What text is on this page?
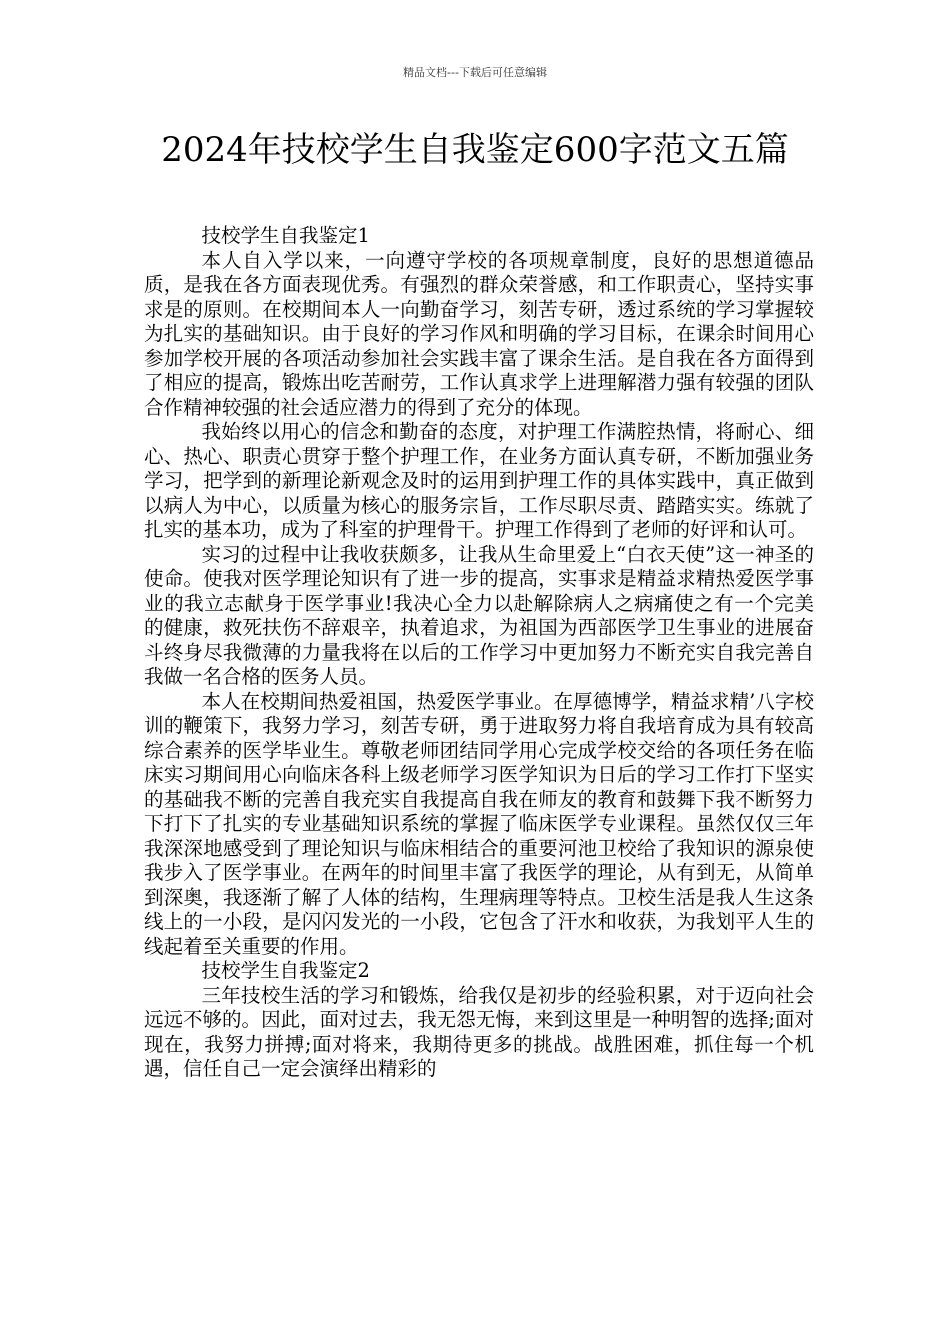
精品文档---下载后可任意编辑
2024年技校学生自我鉴定600字范文五篇
技校学生自我鉴定1

本人自入学以来，一向遵守学校的各项规章制度，良好的思想道德品质，是我在各方面表现优秀。有强烈的群众荣誉感，和工作职责心，坚持实事求是的原则。在校期间本人一向勤奋学习，刻苦专研，透过系统的学习掌握较为扎实的基础知识。由于良好的学习作风和明确的学习目标，在课余时间用心参加学校开展的各项活动参加社会实践丰富了课余生活。是自我在各方面得到了相应的提高，锻炼出吃苦耐劳，工作认真求学上进理解潜力强有较强的团队合作精神较强的社会适应潜力的得到了充分的体现。

我始终以用心的信念和勤奋的态度，对护理工作满腔热情，将耐心、细心、热心、职责心贯穿于整个护理工作，在业务方面认真专研，不断加强业务学习，把学到的新理论新观念及时的运用到护理工作的具体实践中，真正做到以病人为中心，以质量为核心的服务宗旨，工作尽职尽责、踏踏实实。练就了扎实的基本功，成为了科室的护理骨干。护理工作得到了老师的好评和认可。

实习的过程中让我收获颇多，让我从生命里爱上“白衣天使”这一神圣的使命。使我对医学理论知识有了进一步的提高，实事求是精益求精热爱医学事业的我立志献身于医学事业!我决心全力以赴解除病人之病痛使之有一个完美的健康，救死扶伤不辞艰辛，执着追求，为祖国为西部医学卫生事业的进展奋斗终身尽我微薄的力量我将在以后的工作学习中更加努力不断充实自我完善自我做一名合格的医务人员。

本人在校期间热爱祖国，热爱医学事业。在厚德博学，精益求精’八字校训的鞭策下，我努力学习，刻苦专研，勇于进取努力将自我培育成为具有较高综合素养的医学毕业生。尊敬老师团结同学用心完成学校交给的各项任务在临床实习期间用心向临床各科上级老师学习医学知识为日后的学习工作打下坚实的基础我不断的完善自我充实自我提高自我在师友的教育和鼓舞下我不断努力下打下了扎实的专业基础知识系统的掌握了临床医学专业课程。虽然仅仅三年我深深地感受到了理论知识与临床相结合的重要河池卫校给了我知识的源泉使我步入了医学事业。在两年的时间里丰富了我医学的理论，从有到无，从简单到深奥，我逐渐了解了人体的结构，生理病理等特点。卫校生活是我人生这条线上的一小段，是闪闪发光的一小段，它包含了汗水和收获，为我划平人生的线起着至关重要的作用。

技校学生自我鉴定2

三年技校生活的学习和锻炼，给我仅是初步的经验积累，对于迈向社会远远不够的。因此，面对过去，我无怨无悔，来到这里是一种明智的选择;面对现在，我努力拼搏;面对将来，我期待更多的挑战。战胜困难，抓住每一个机遇，信任自己一定会演绎出精彩的
